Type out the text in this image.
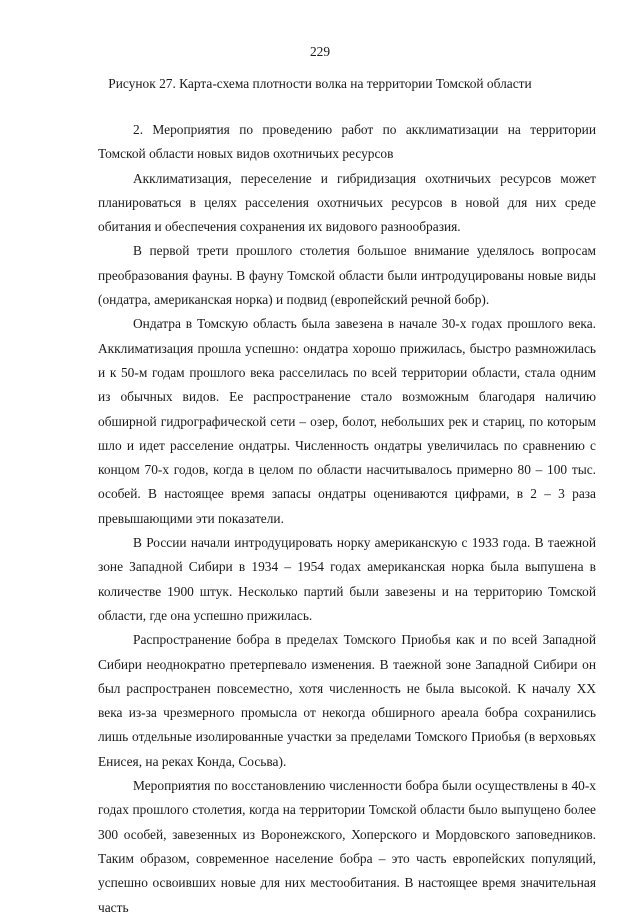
229
Рисунок 27. Карта-схема плотности волка на территории Томской области

2. Мероприятия по проведению работ по акклиматизации на территории Томской области новых видов охотничьих ресурсов

Акклиматизация, переселение и гибридизация охотничьих ресурсов может планироваться в целях расселения охотничьих ресурсов в новой для них среде обитания и обеспечения сохранения их видового разнообразия.

В первой трети прошлого столетия большое внимание уделялось вопросам преобразования фауны. В фауну Томской области были интродуцированы новые виды (ондатра, американская норка) и подвид (европейский речной бобр).

Ондатра в Томскую область была завезена в начале 30-х годах прошлого века. Акклиматизация прошла успешно: ондатра хорошо прижилась, быстро размножилась и к 50-м годам прошлого века расселилась по всей территории области, стала одним из обычных видов. Ее распространение стало возможным благодаря наличию обширной гидрографической сети – озер, болот, небольших рек и стариц, по которым шло и идет расселение ондатры. Численность ондатры увеличилась по сравнению с концом 70-х годов, когда в целом по области насчитывалось примерно 80 – 100 тыс. особей. В настоящее время запасы ондатры оцениваются цифрами, в 2 – 3 раза превышающими эти показатели.

В России начали интродуцировать норку американскую с 1933 года. В таежной зоне Западной Сибири в 1934 – 1954 годах американская норка была выпушена в количестве 1900 штук. Несколько партий были завезены и на территорию Томской области, где она успешно прижилась.

Распространение бобра в пределах Томского Приобья как и по всей Западной Сибири неоднократно претерпевало изменения. В таежной зоне Западной Сибири он был распространен повсеместно, хотя численность не была высокой. К началу XX века из-за чрезмерного промысла от некогда обширного ареала бобра сохранились лишь отдельные изолированные участки за пределами Томского Приобья (в верховьях Енисея, на реках Конда, Сосьва).

Мероприятия по восстановлению численности бобра были осуществлены в 40-х годах прошлого столетия, когда на территории Томской области было выпущено более 300 особей, завезенных из Воронежского, Хоперского и Мордовского заповедников. Таким образом, современное население бобра – это часть европейских популяций, успешно освоивших новые для них местообитания. В настоящее время значительная часть
